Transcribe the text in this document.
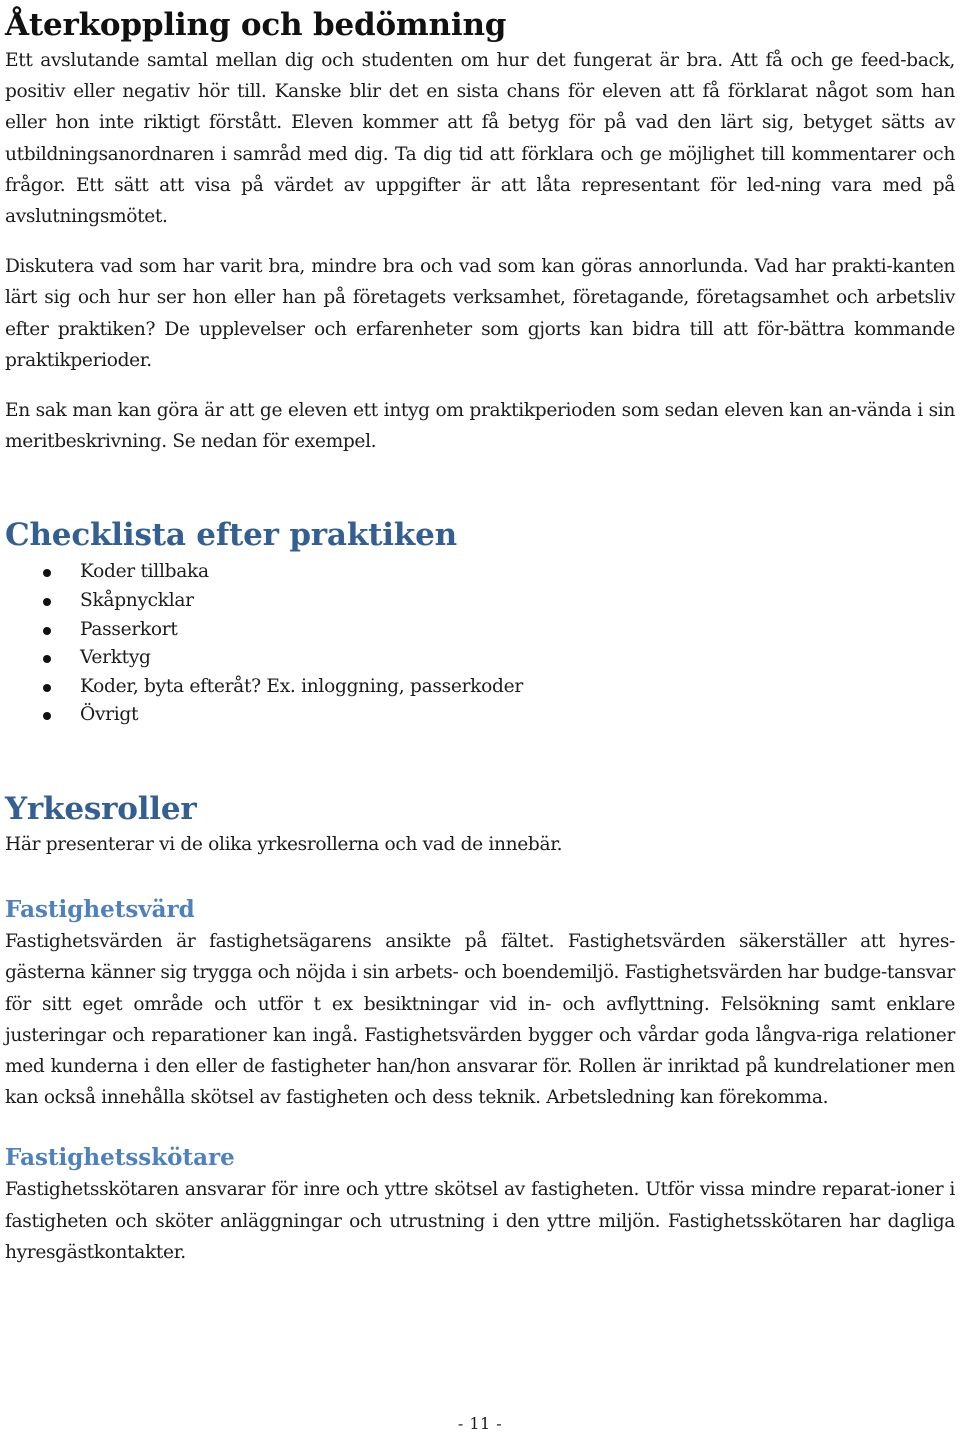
Återkoppling och bedömning

Ett avslutande samtal mellan dig och studenten om hur det fungerat är bra. Att få och ge feed-back, positiv eller negativ hör till. Kanske blir det en sista chans för eleven att få förklarat något som han eller hon inte riktigt förstått. Eleven kommer att få betyg för på vad den lärt sig, betyget sätts av utbildningsanordnaren i samråd med dig. Ta dig tid att förklara och ge möjlighet till kommentarer och frågor. Ett sätt att visa på värdet av uppgifter är att låta representant för led-ning vara med på avslutningsmötet.

Diskutera vad som har varit bra, mindre bra och vad som kan göras annorlunda. Vad har prakti-kanten lärt sig och hur ser hon eller han på företagets verksamhet, företagande, företagsamhet och arbetsliv efter praktiken? De upplevelser och erfarenheter som gjorts kan bidra till att för-bättra kommande praktikperioder.

En sak man kan göra är att ge eleven ett intyg om praktikperioden som sedan eleven kan an-vända i sin meritbeskrivning. Se nedan för exempel.

Checklista efter praktiken
Koder tillbaka
Skåpnycklar
Passerkort
Verktyg
Koder, byta efteråt? Ex. inloggning, passerkoder
Övrigt
Yrkesroller

Här presenterar vi de olika yrkesrollerna och vad de innebär.

Fastighetsvärd

Fastighetsvärden är fastighetsägarens ansikte på fältet. Fastighetsvärden säkerställer att hyres-gästerna känner sig trygga och nöjda i sin arbets- och boendemiljö. Fastighetsvärden har budge-tansvar för sitt eget område och utför t ex besiktningar vid in- och avflyttning. Felsökning samt enklare justeringar och reparationer kan ingå. Fastighetsvärden bygger och vårdar goda långva-riga relationer med kunderna i den eller de fastigheter han/hon ansvarar för. Rollen är inriktad på kundrelationer men kan också innehålla skötsel av fastigheten och dess teknik. Arbetsledning kan förekomma.

Fastighetsskötare

Fastighetsskötaren ansvarar för inre och yttre skötsel av fastigheten. Utför vissa mindre reparat-ioner i fastigheten och sköter anläggningar och utrustning i den yttre miljön. Fastighetsskötaren har dagliga hyresgästkontakter.

- 11 -
